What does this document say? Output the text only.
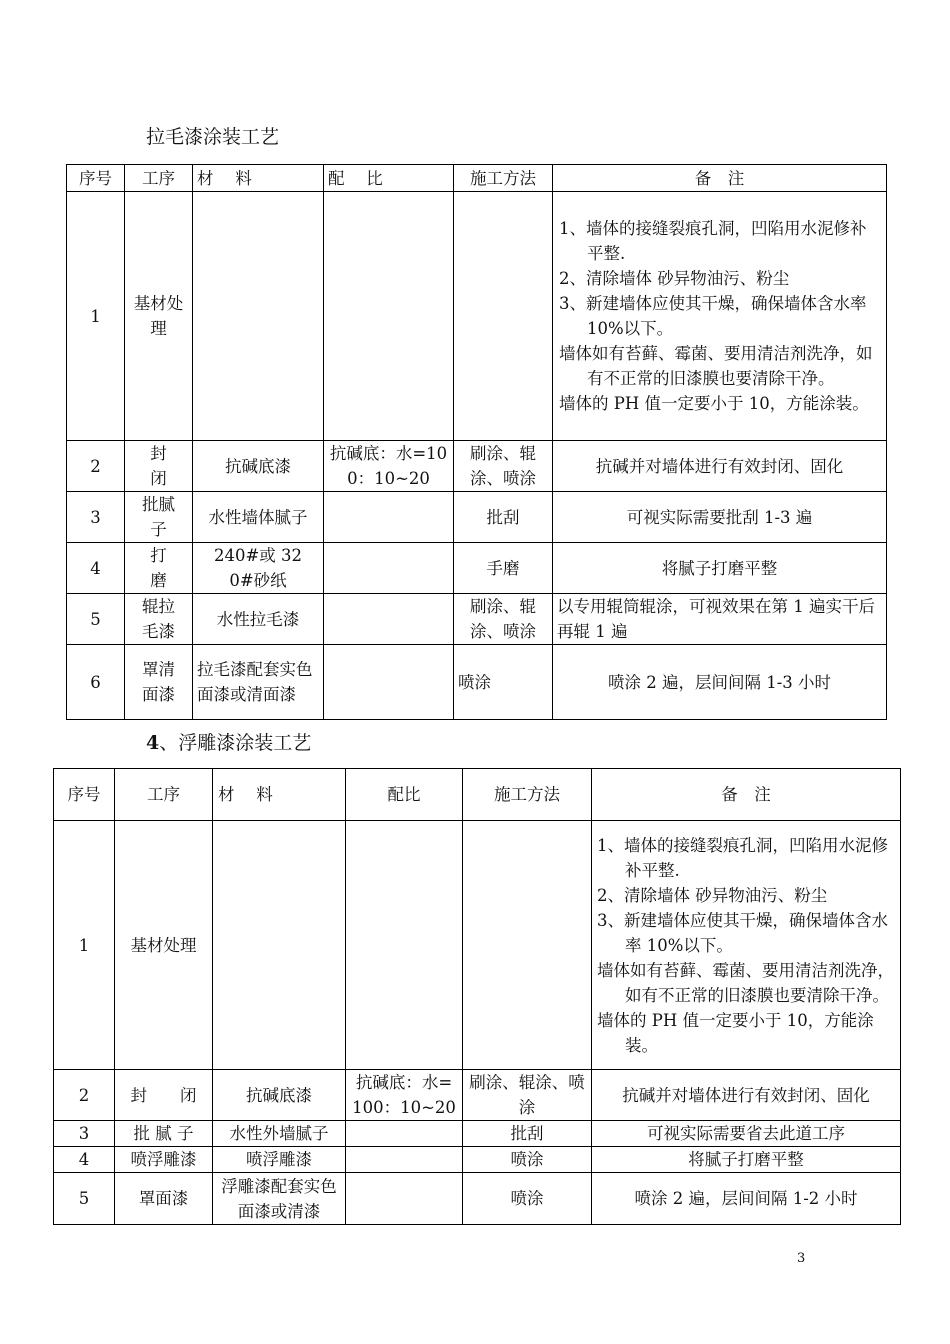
拉毛漆涂装工艺
序号	工序	材　 料	配　 比	施工方法	备　注
1	基材处理				1、墙体的接缝裂痕孔洞，凹陷用水泥修补平整.

2、清除墙体 砂异物油污、粉尘

3、新建墙体应使其干燥，确保墙体含水率 10%以下。

墙体如有苔藓、霉菌、要用清洁剂洗净，如有不正常的旧漆膜也要清除干净。

墙体的 PH 值一定要小于 10，方能涂装。

2	封闭	抗碱底漆	抗碱底：水=100：10~20	刷涂、辊涂、喷涂	抗碱并对墙体进行有效封闭、固化
3	批腻子	水性墙体腻子		批刮	可视实际需要批刮 1-3 遍
4	打磨	240#或 320#砂纸		手磨	将腻子打磨平整
5	辊拉毛漆	水性拉毛漆		刷涂、辊涂、喷涂	以专用辊筒辊涂，可视效果在第 1 遍实干后再辊 1 遍
6	罩清面漆	拉毛漆配套实色面漆或清面漆		喷涂	喷涂 2 遍，层间间隔 1-3 小时
4、浮雕漆涂装工艺
序号	工序	材　 料	配比	施工方法	备　注
1	基材处理				1、墙体的接缝裂痕孔洞，凹陷用水泥修补平整.

2、清除墙体 砂异物油污、粉尘

3、新建墙体应使其干燥，确保墙体含水率 10%以下。

墙体如有苔藓、霉菌、要用清洁剂洗净，如有不正常的旧漆膜也要清除干净。

墙体的 PH 值一定要小于 10，方能涂装。

2	封　　闭	抗碱底漆	抗碱底：水=100：10~20	刷涂、辊涂、喷涂	抗碱并对墙体进行有效封闭、固化
3	批 腻 子	水性外墙腻子		批刮	可视实际需要省去此道工序
4	喷浮雕漆	喷浮雕漆		喷涂	将腻子打磨平整
5	罩面漆	浮雕漆配套实色面漆或清漆		喷涂	喷涂 2 遍，层间间隔 1-2 小时
3
